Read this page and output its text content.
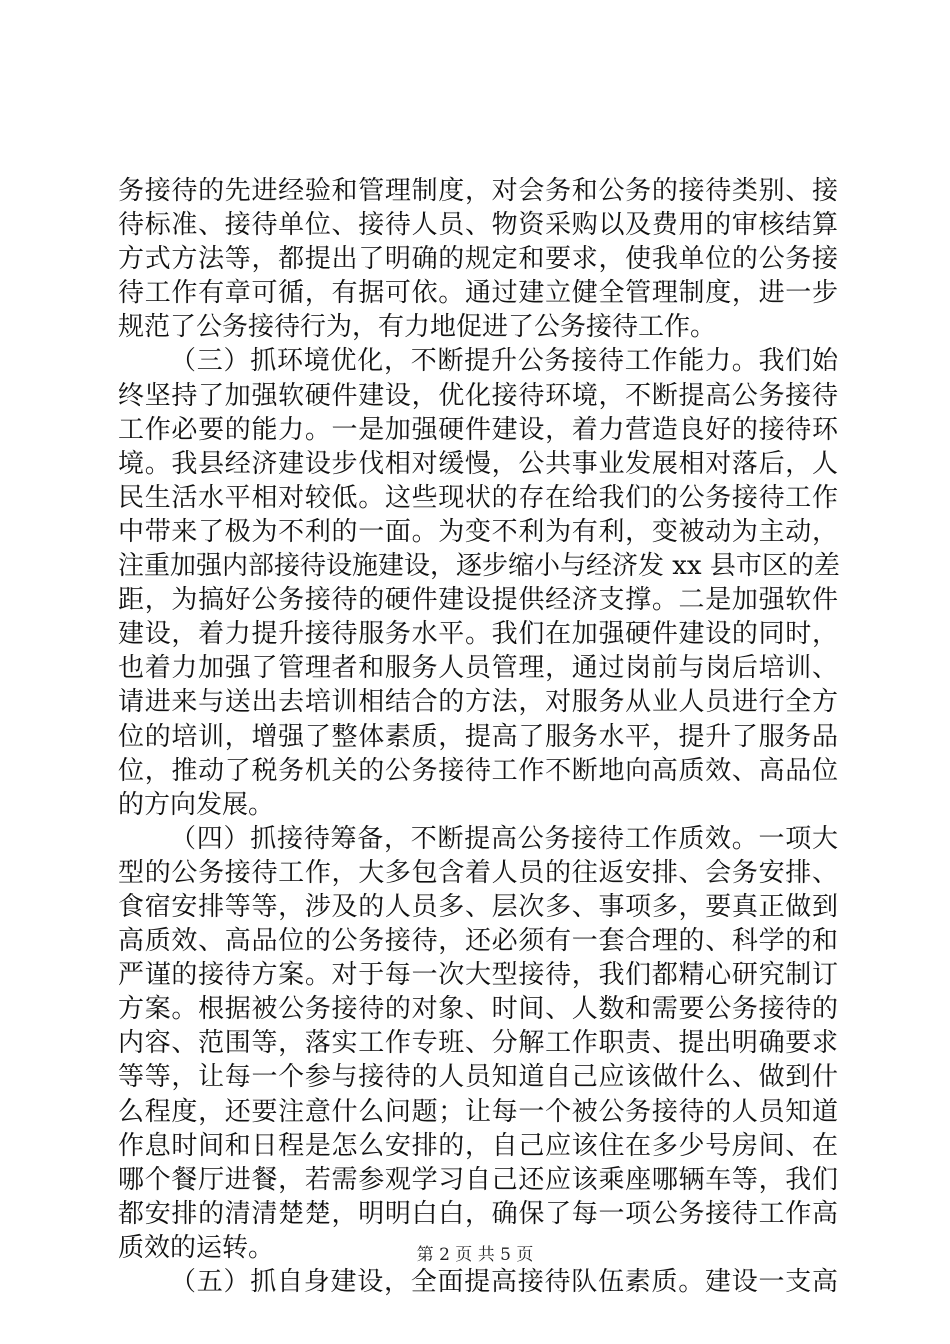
务接待的先进经验和管理制度，对会务和公务的接待类别、接
待标准、接待单位、接待人员、物资采购以及费用的审核结算
方式方法等，都提出了明确的规定和要求，使我单位的公务接
待工作有章可循，有据可依。通过建立健全管理制度，进一步
规范了公务接待行为，有力地促进了公务接待工作。
（三）抓环境优化，不断提升公务接待工作能力。我们始
终坚持了加强软硬件建设，优化接待环境，不断提高公务接待
工作必要的能力。一是加强硬件建设，着力营造良好的接待环
境。我县经济建设步伐相对缓慢，公共事业发展相对落后，人
民生活水平相对较低。这些现状的存在给我们的公务接待工作
中带来了极为不利的一面。为变不利为有利，变被动为主动，
注重加强内部接待设施建设，逐步缩小与经济发 xx 县市区的差
距，为搞好公务接待的硬件建设提供经济支撑。二是加强软件
建设，着力提升接待服务水平。我们在加强硬件建设的同时，
也着力加强了管理者和服务人员管理，通过岗前与岗后培训、
请进来与送出去培训相结合的方法，对服务从业人员进行全方
位的培训，增强了整体素质，提高了服务水平，提升了服务品
位，推动了税务机关的公务接待工作不断地向高质效、高品位
的方向发展。
（四）抓接待筹备，不断提高公务接待工作质效。一项大
型的公务接待工作，大多包含着人员的往返安排、会务安排、
食宿安排等等，涉及的人员多、层次多、事项多，要真正做到
高质效、高品位的公务接待，还必须有一套合理的、科学的和
严谨的接待方案。对于每一次大型接待，我们都精心研究制订
方案。根据被公务接待的对象、时间、人数和需要公务接待的
内容、范围等，落实工作专班、分解工作职责、提出明确要求
等等，让每一个参与接待的人员知道自己应该做什么、做到什
么程度，还要注意什么问题；让每一个被公务接待的人员知道
作息时间和日程是怎么安排的，自己应该住在多少号房间、在
哪个餐厅进餐，若需参观学习自己还应该乘座哪辆车等，我们
都安排的清清楚楚，明明白白，确保了每一项公务接待工作高
质效的运转。
（五）抓自身建设，全面提高接待队伍素质。建设一支高
第 2 页 共 5 页
